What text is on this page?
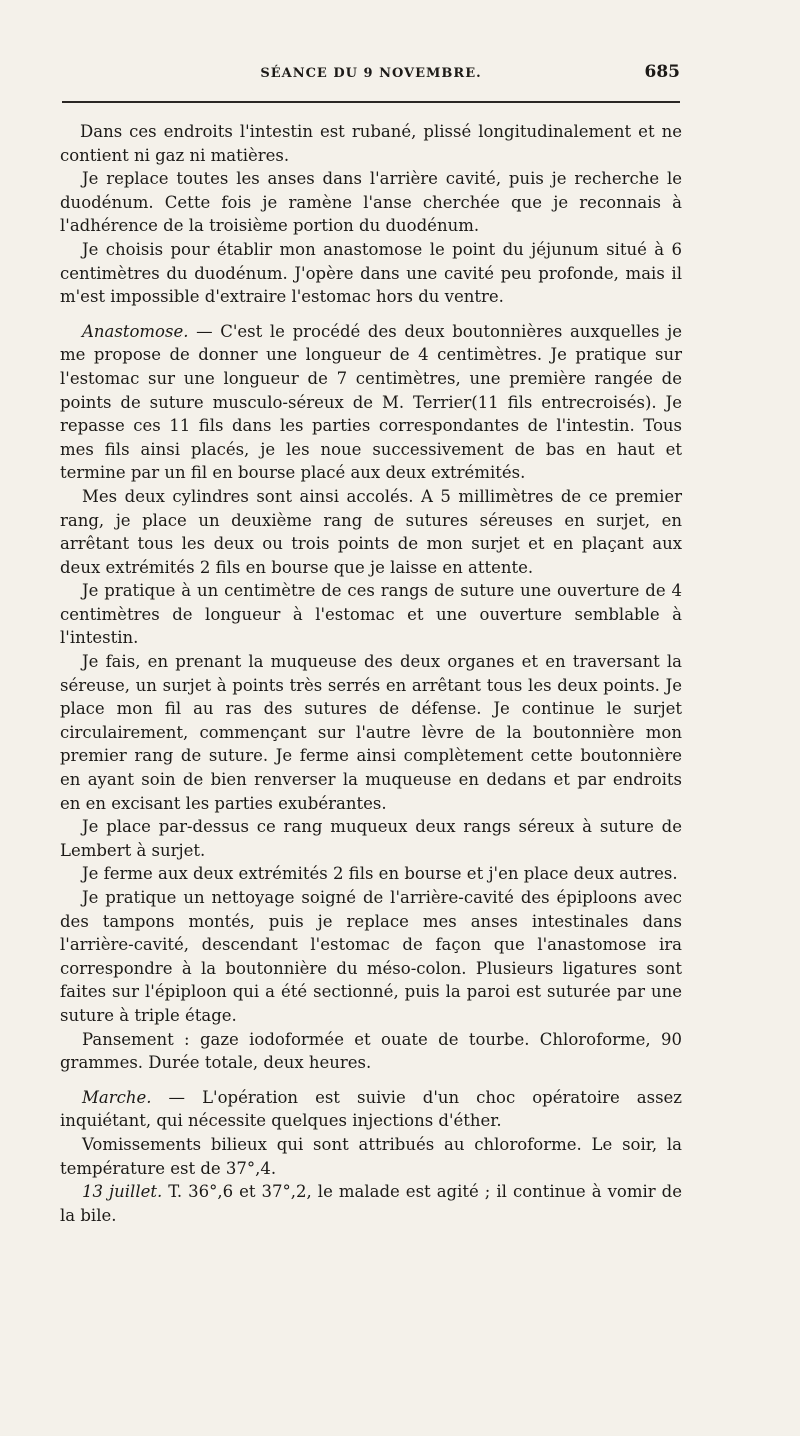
SÉANCE DU 9 NOVEMBRE.	685

Dans ces endroits l'intestin est rubané, plissé longitudinalement et ne contient ni gaz ni matières.

Je replace toutes les anses dans l'arrière cavité, puis je recherche le duodénum. Cette fois je ramène l'anse cherchée que je reconnais à l'adhérence de la troisième portion du duodénum.

Je choisis pour établir mon anastomose le point du jéjunum situé à 6 centimètres du duodénum. J'opère dans une cavité peu profonde, mais il m'est impossible d'extraire l'estomac hors du ventre.

Anastomose. — C'est le procédé des deux boutonnières auxquelles je me propose de donner une longueur de 4 centimètres. Je pratique sur l'estomac sur une longueur de 7 centimètres, une première rangée de points de suture musculo-séreux de M. Terrier(11 fils entrecroisés). Je repasse ces 11 fils dans les parties correspondantes de l'intestin. Tous mes fils ainsi placés, je les noue successivement de bas en haut et termine par un fil en bourse placé aux deux extrémités.

Mes deux cylindres sont ainsi accolés. A 5 millimètres de ce premier rang, je place un deuxième rang de sutures séreuses en surjet, en arrêtant tous les deux ou trois points de mon surjet et en plaçant aux deux extrémités 2 fils en bourse que je laisse en attente.

Je pratique à un centimètre de ces rangs de suture une ouverture de 4 centimètres de longueur à l'estomac et une ouverture semblable à l'intestin.

Je fais, en prenant la muqueuse des deux organes et en traversant la séreuse, un surjet à points très serrés en arrêtant tous les deux points. Je place mon fil au ras des sutures de défense. Je continue le surjet circulairement, commençant sur l'autre lèvre de la boutonnière mon premier rang de suture. Je ferme ainsi complètement cette boutonnière en ayant soin de bien renverser la muqueuse en dedans et par endroits en en excisant les parties exubérantes.

Je place par-dessus ce rang muqueux deux rangs séreux à suture de Lembert à surjet.

Je ferme aux deux extrémités 2 fils en bourse et j'en place deux autres.

Je pratique un nettoyage soigné de l'arrière-cavité des épiploons avec des tampons montés, puis je replace mes anses intestinales dans l'arrière-cavité, descendant l'estomac de façon que l'anastomose ira correspondre à la boutonnière du méso-colon. Plusieurs ligatures sont faites sur l'épiploon qui a été sectionné, puis la paroi est suturée par une suture à triple étage.

Pansement : gaze iodoformée et ouate de tourbe. Chloroforme, 90 grammes. Durée totale, deux heures.

Marche. — L'opération est suivie d'un choc opératoire assez inquiétant, qui nécessite quelques injections d'éther.

Vomissements bilieux qui sont attribués au chloroforme. Le soir, la température est de 37°,4.

13 juillet. T. 36°,6 et 37°,2, le malade est agité ; il continue à vomir de la bile.
